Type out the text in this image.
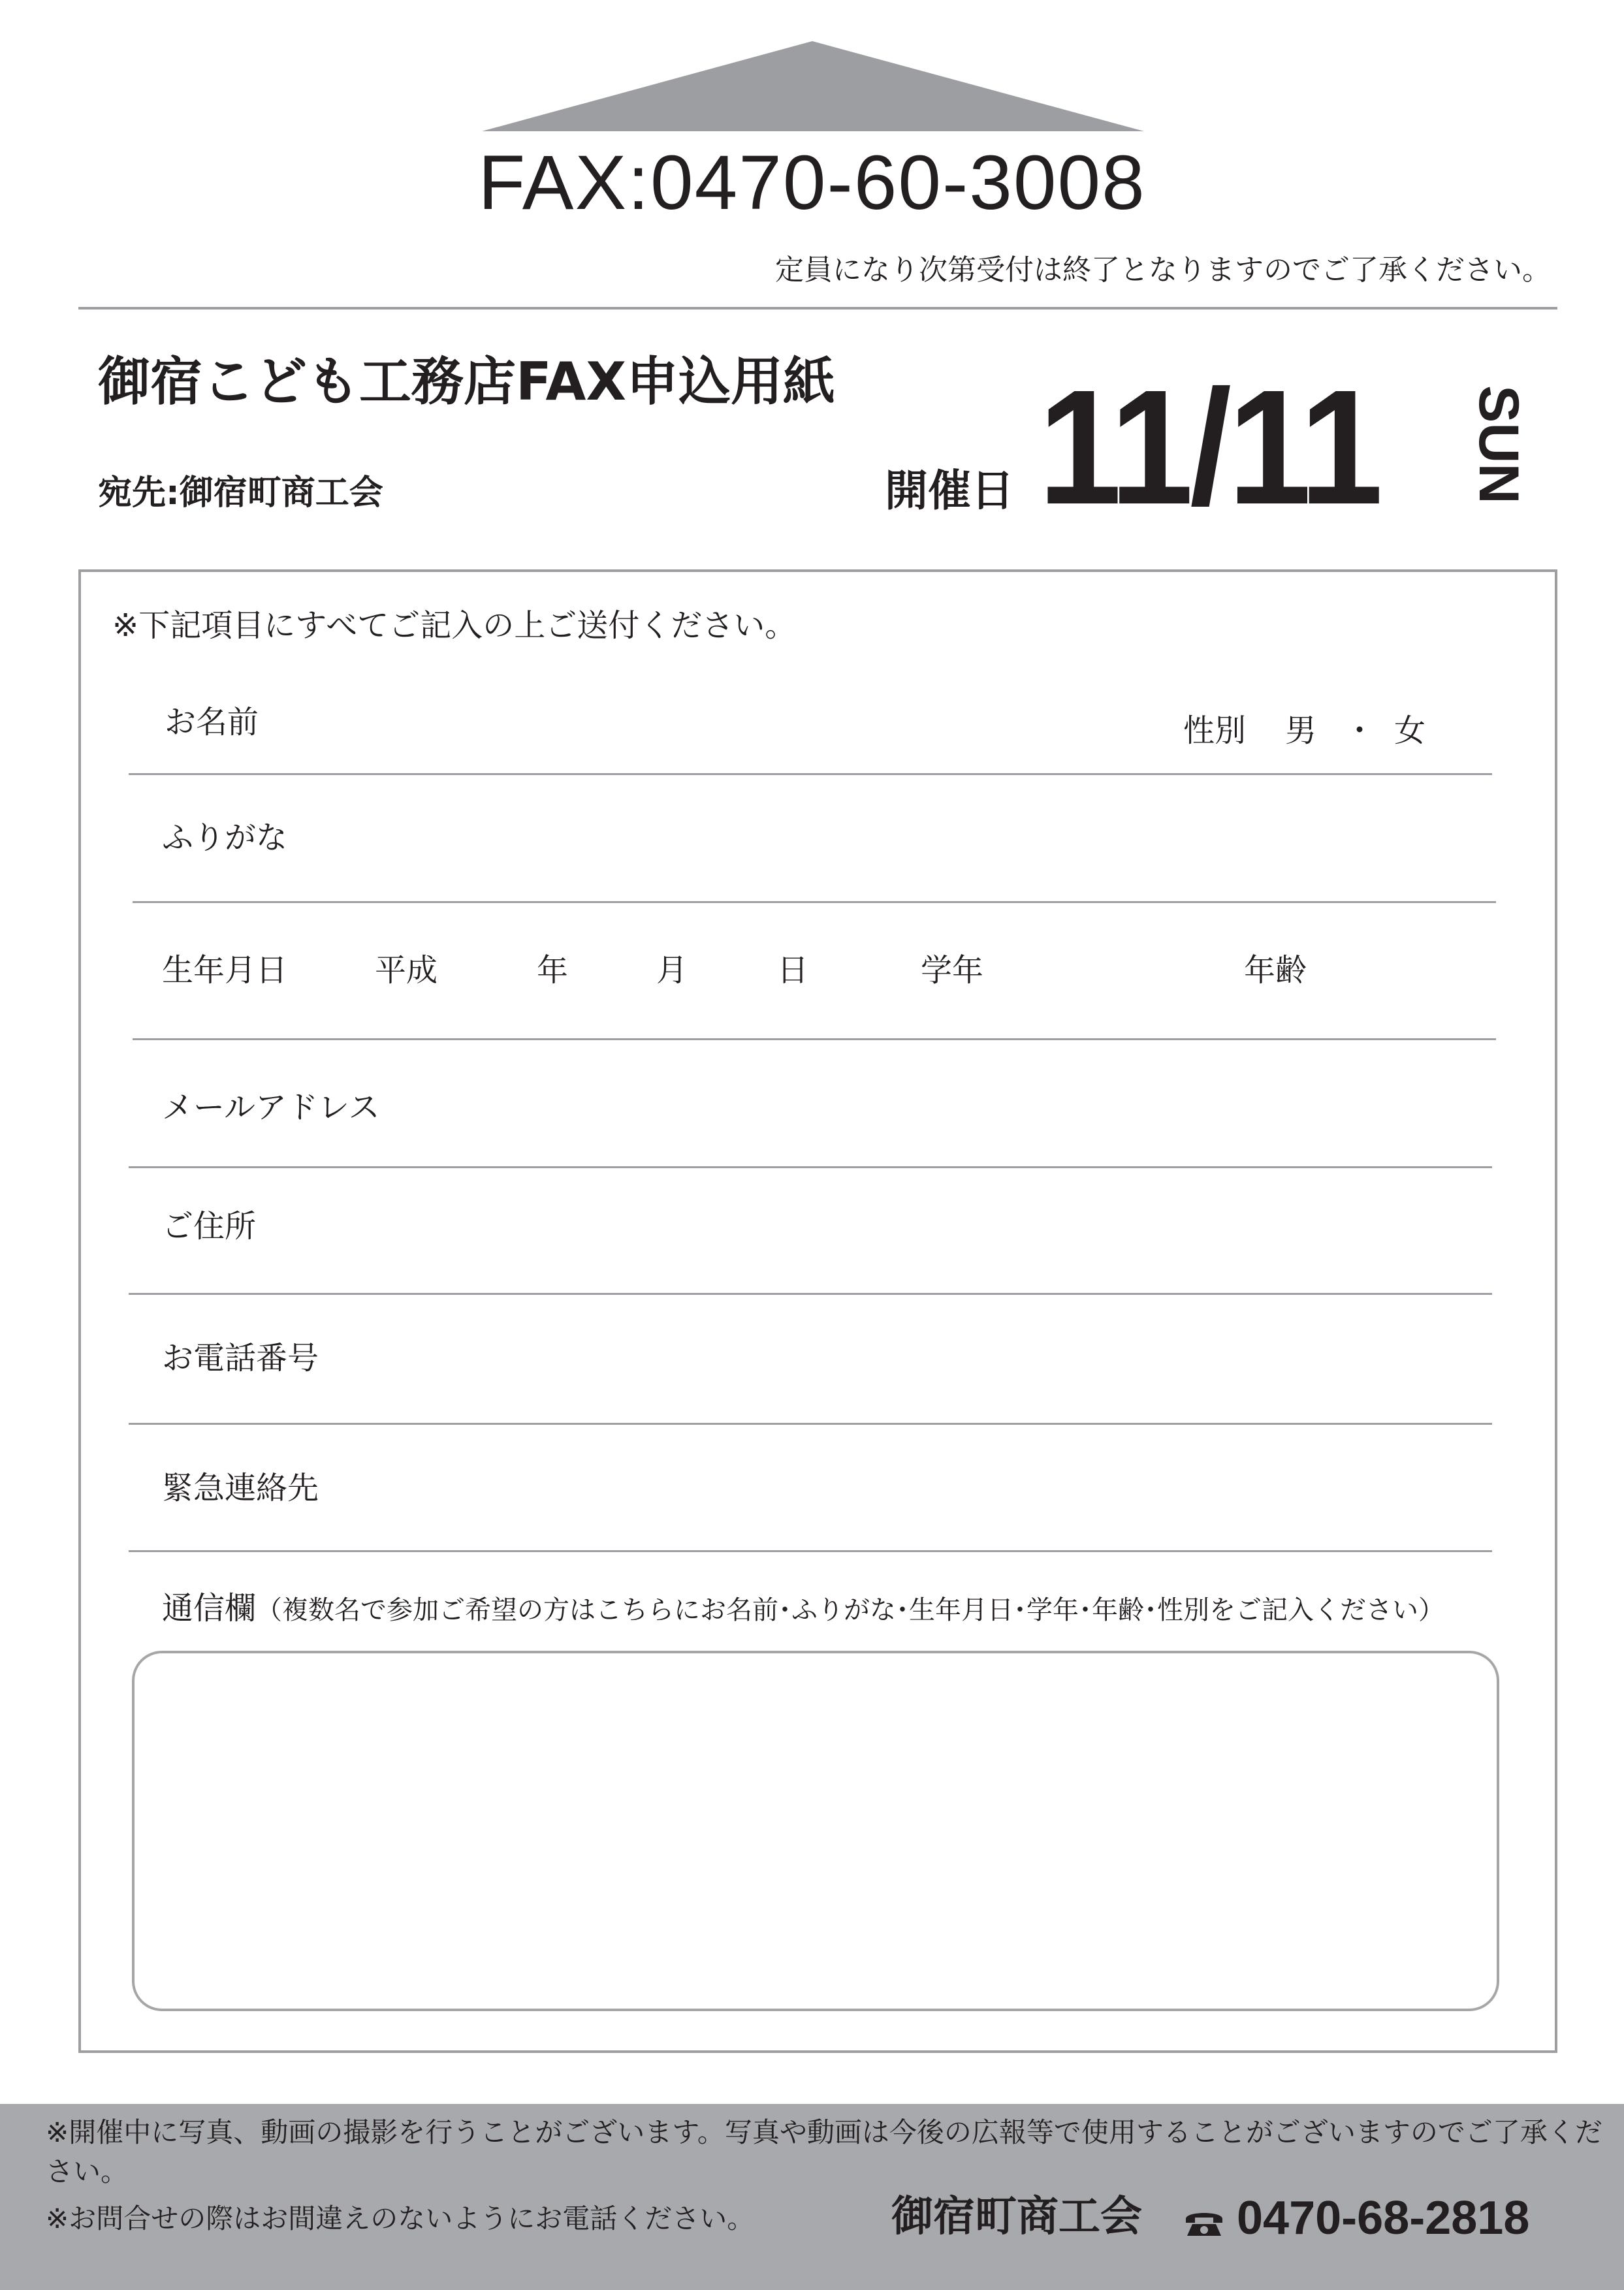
FAX:0470-60-3008
定員になり次第受付は終了となりますのでご了承ください。
御宿こども工務店FAX申込用紙
宛先:御宿町商工会	開催日 11/11 SUN
※下記項目にすべてご記入の上ご送付ください。
お名前	性別 男 ・ 女
ふりがな
生年月日	平成	年	月	日	学年	年齢
メールアドレス
ご住所
お電話番号
緊急連絡先
通信欄（複数名で参加ご希望の方はこちらにお名前･ふりがな･生年月日･学年･年齢･性別をご記入ください）
※開催中に写真、動画の撮影を行うことがございます。写真や動画は今後の広報等で使用することがございますのでご了承ください。
※お問合せの際はお間違えのないようにお電話ください。	御宿町商工会	0470-68-2818
